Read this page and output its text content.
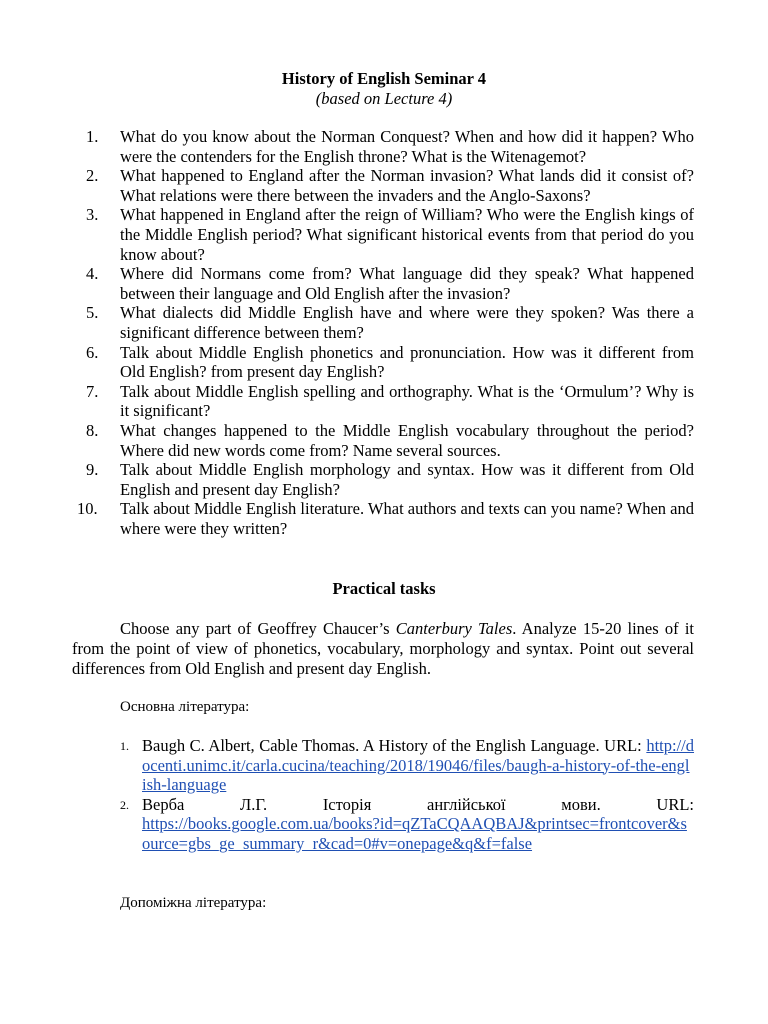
History of English Seminar 4
(based on Lecture 4)
1.	What do you know about the Norman Conquest? When and how did it happen? Who were the contenders for the English throne? What is the Witenagemot?
2.	What happened to England after the Norman invasion? What lands did it consist of? What relations were there between the invaders and the Anglo-Saxons?
3.	What happened in England after the reign of William? Who were the English kings of the Middle English period? What significant historical events from that period do you know about?
4.	Where did Normans come from? What language did they speak? What happened between their language and Old English after the invasion?
5.	What dialects did Middle English have and where were they spoken? Was there a significant difference between them?
6.	Talk about Middle English phonetics and pronunciation. How was it different from Old English? from present day English?
7.	Talk about Middle English spelling and orthography. What is the ‘Ormulum’? Why is it significant?
8.	What changes happened to the Middle English vocabulary throughout the period? Where did new words come from? Name several sources.
9.	Talk about Middle English morphology and syntax. How was it different from Old English and present day English?
10.	Talk about Middle English literature. What authors and texts can you name? When and where were they written?
Practical tasks

Choose any part of Geoffrey Chaucer’s Canterbury Tales. Analyze 15-20 lines of it from the point of view of phonetics, vocabulary, morphology and syntax. Point out several differences from Old English and present day English.

Основна література:
1. Baugh C. Albert, Cable Thomas. A History of the English Language. URL: http://docenti.unimc.it/carla.cucina/teaching/2018/19046/files/baugh-a-history-of-the-english-language
2. Верба	Л.Г.	Історія	англійської	мови.	URL:
https://books.google.com.ua/books?id=qZTaCQAAQBAJ&printsec=frontcover&source=gbs_ge_summary_r&cad=0#v=onepage&q&f=false
Допоміжна література:
